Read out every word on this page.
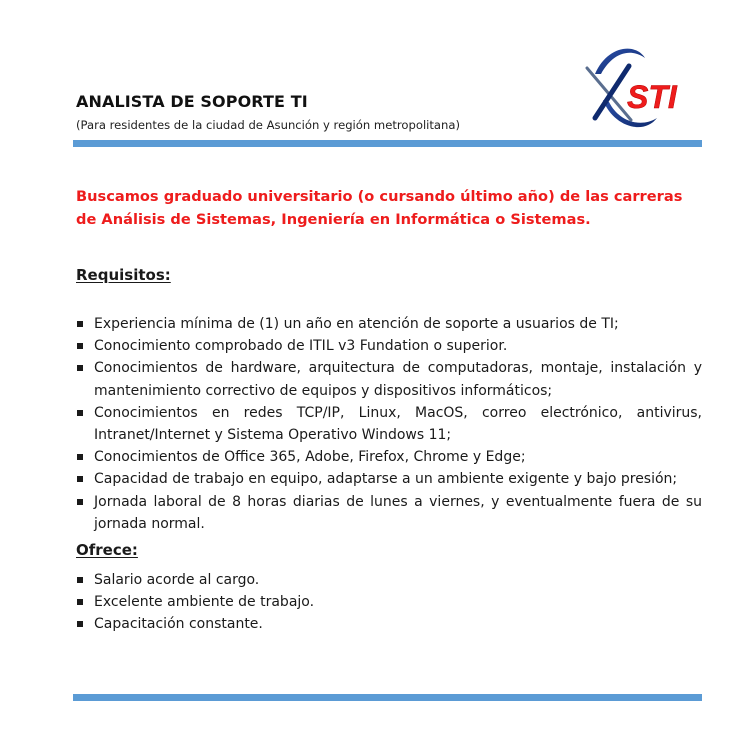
ANALISTA DE SOPORTE TI
(Para residentes de la ciudad de Asunción y región metropolitana)
STI
Buscamos graduado universitario (o cursando último año) de las carreras de Análisis de Sistemas, Ingeniería en Informática o Sistemas.
Requisitos:
Experiencia mínima de (1) un año en atención de soporte a usuarios de TI;
Conocimiento comprobado de ITIL v3 Fundation o superior.
Conocimientos de hardware, arquitectura de computadoras, montaje, instalación y mantenimiento correctivo de equipos y dispositivos informáticos;
Conocimientos en redes TCP/IP, Linux, MacOS, correo electrónico, antivirus, Intranet/Internet y Sistema Operativo Windows 11;
Conocimientos de Office 365, Adobe, Firefox, Chrome y Edge;
Capacidad de trabajo en equipo, adaptarse a un ambiente exigente y bajo presión;
Jornada laboral de 8 horas diarias de lunes a viernes, y eventualmente fuera de su jornada normal.
Ofrece:
Salario acorde al cargo.
Excelente ambiente de trabajo.
Capacitación constante.
